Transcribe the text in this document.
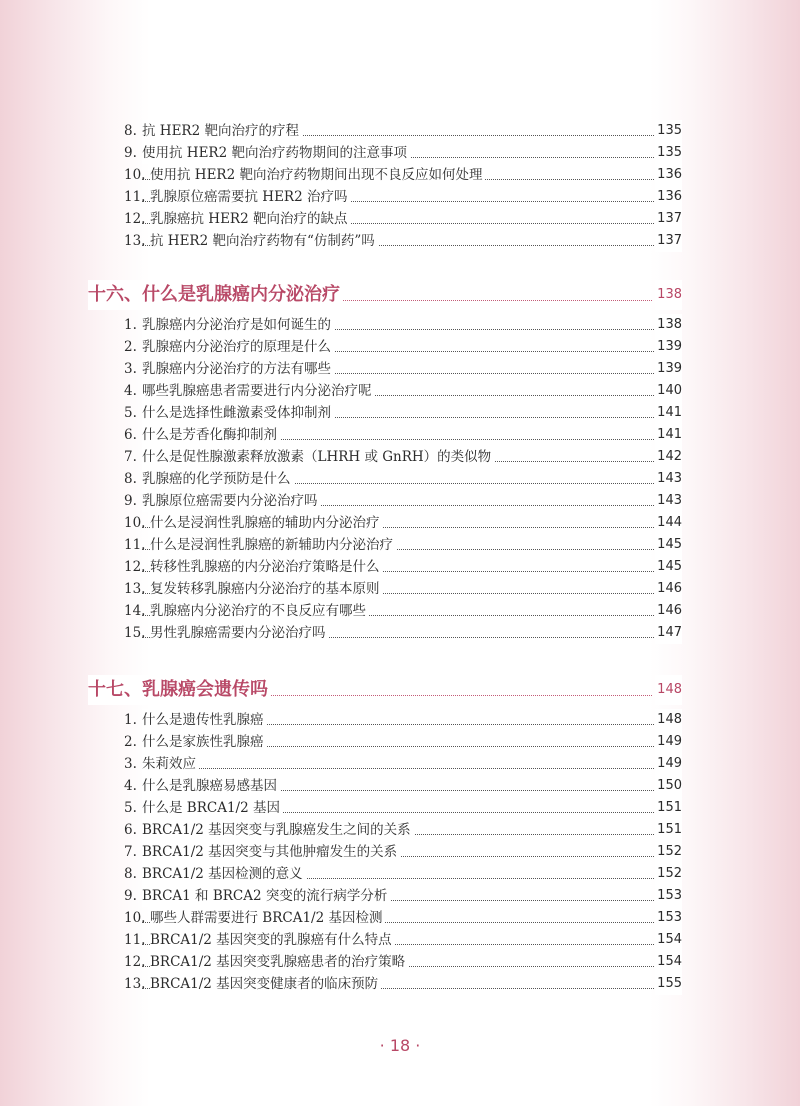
8. 抗 HER2 靶向治疗的疗程	135
9. 使用抗 HER2 靶向治疗药物期间的注意事项	135
10. 使用抗 HER2 靶向治疗药物期间出现不良反应如何处理	136
11. 乳腺原位癌需要抗 HER2 治疗吗	136
12. 乳腺癌抗 HER2 靶向治疗的缺点	137
13. 抗 HER2 靶向治疗药物有“仿制药”吗	137
十六、什么是乳腺癌内分泌治疗	138
1. 乳腺癌内分泌治疗是如何诞生的	138
2. 乳腺癌内分泌治疗的原理是什么	139
3. 乳腺癌内分泌治疗的方法有哪些	139
4. 哪些乳腺癌患者需要进行内分泌治疗呢	140
5. 什么是选择性雌激素受体抑制剂	141
6. 什么是芳香化酶抑制剂	141
7. 什么是促性腺激素释放激素（LHRH 或 GnRH）的类似物	142
8. 乳腺癌的化学预防是什么	143
9. 乳腺原位癌需要内分泌治疗吗	143
10. 什么是浸润性乳腺癌的辅助内分泌治疗	144
11. 什么是浸润性乳腺癌的新辅助内分泌治疗	145
12. 转移性乳腺癌的内分泌治疗策略是什么	145
13. 复发转移乳腺癌内分泌治疗的基本原则	146
14. 乳腺癌内分泌治疗的不良反应有哪些	146
15. 男性乳腺癌需要内分泌治疗吗	147
十七、乳腺癌会遗传吗	148
1. 什么是遗传性乳腺癌	148
2. 什么是家族性乳腺癌	149
3. 朱莉效应	149
4. 什么是乳腺癌易感基因	150
5. 什么是 BRCA1/2 基因	151
6. BRCA1/2 基因突变与乳腺癌发生之间的关系	151
7. BRCA1/2 基因突变与其他肿瘤发生的关系	152
8. BRCA1/2 基因检测的意义	152
9. BRCA1 和 BRCA2 突变的流行病学分析	153
10. 哪些人群需要进行 BRCA1/2 基因检测	153
11. BRCA1/2 基因突变的乳腺癌有什么特点	154
12. BRCA1/2 基因突变乳腺癌患者的治疗策略	154
13. BRCA1/2 基因突变健康者的临床预防	155
· 18 ·
